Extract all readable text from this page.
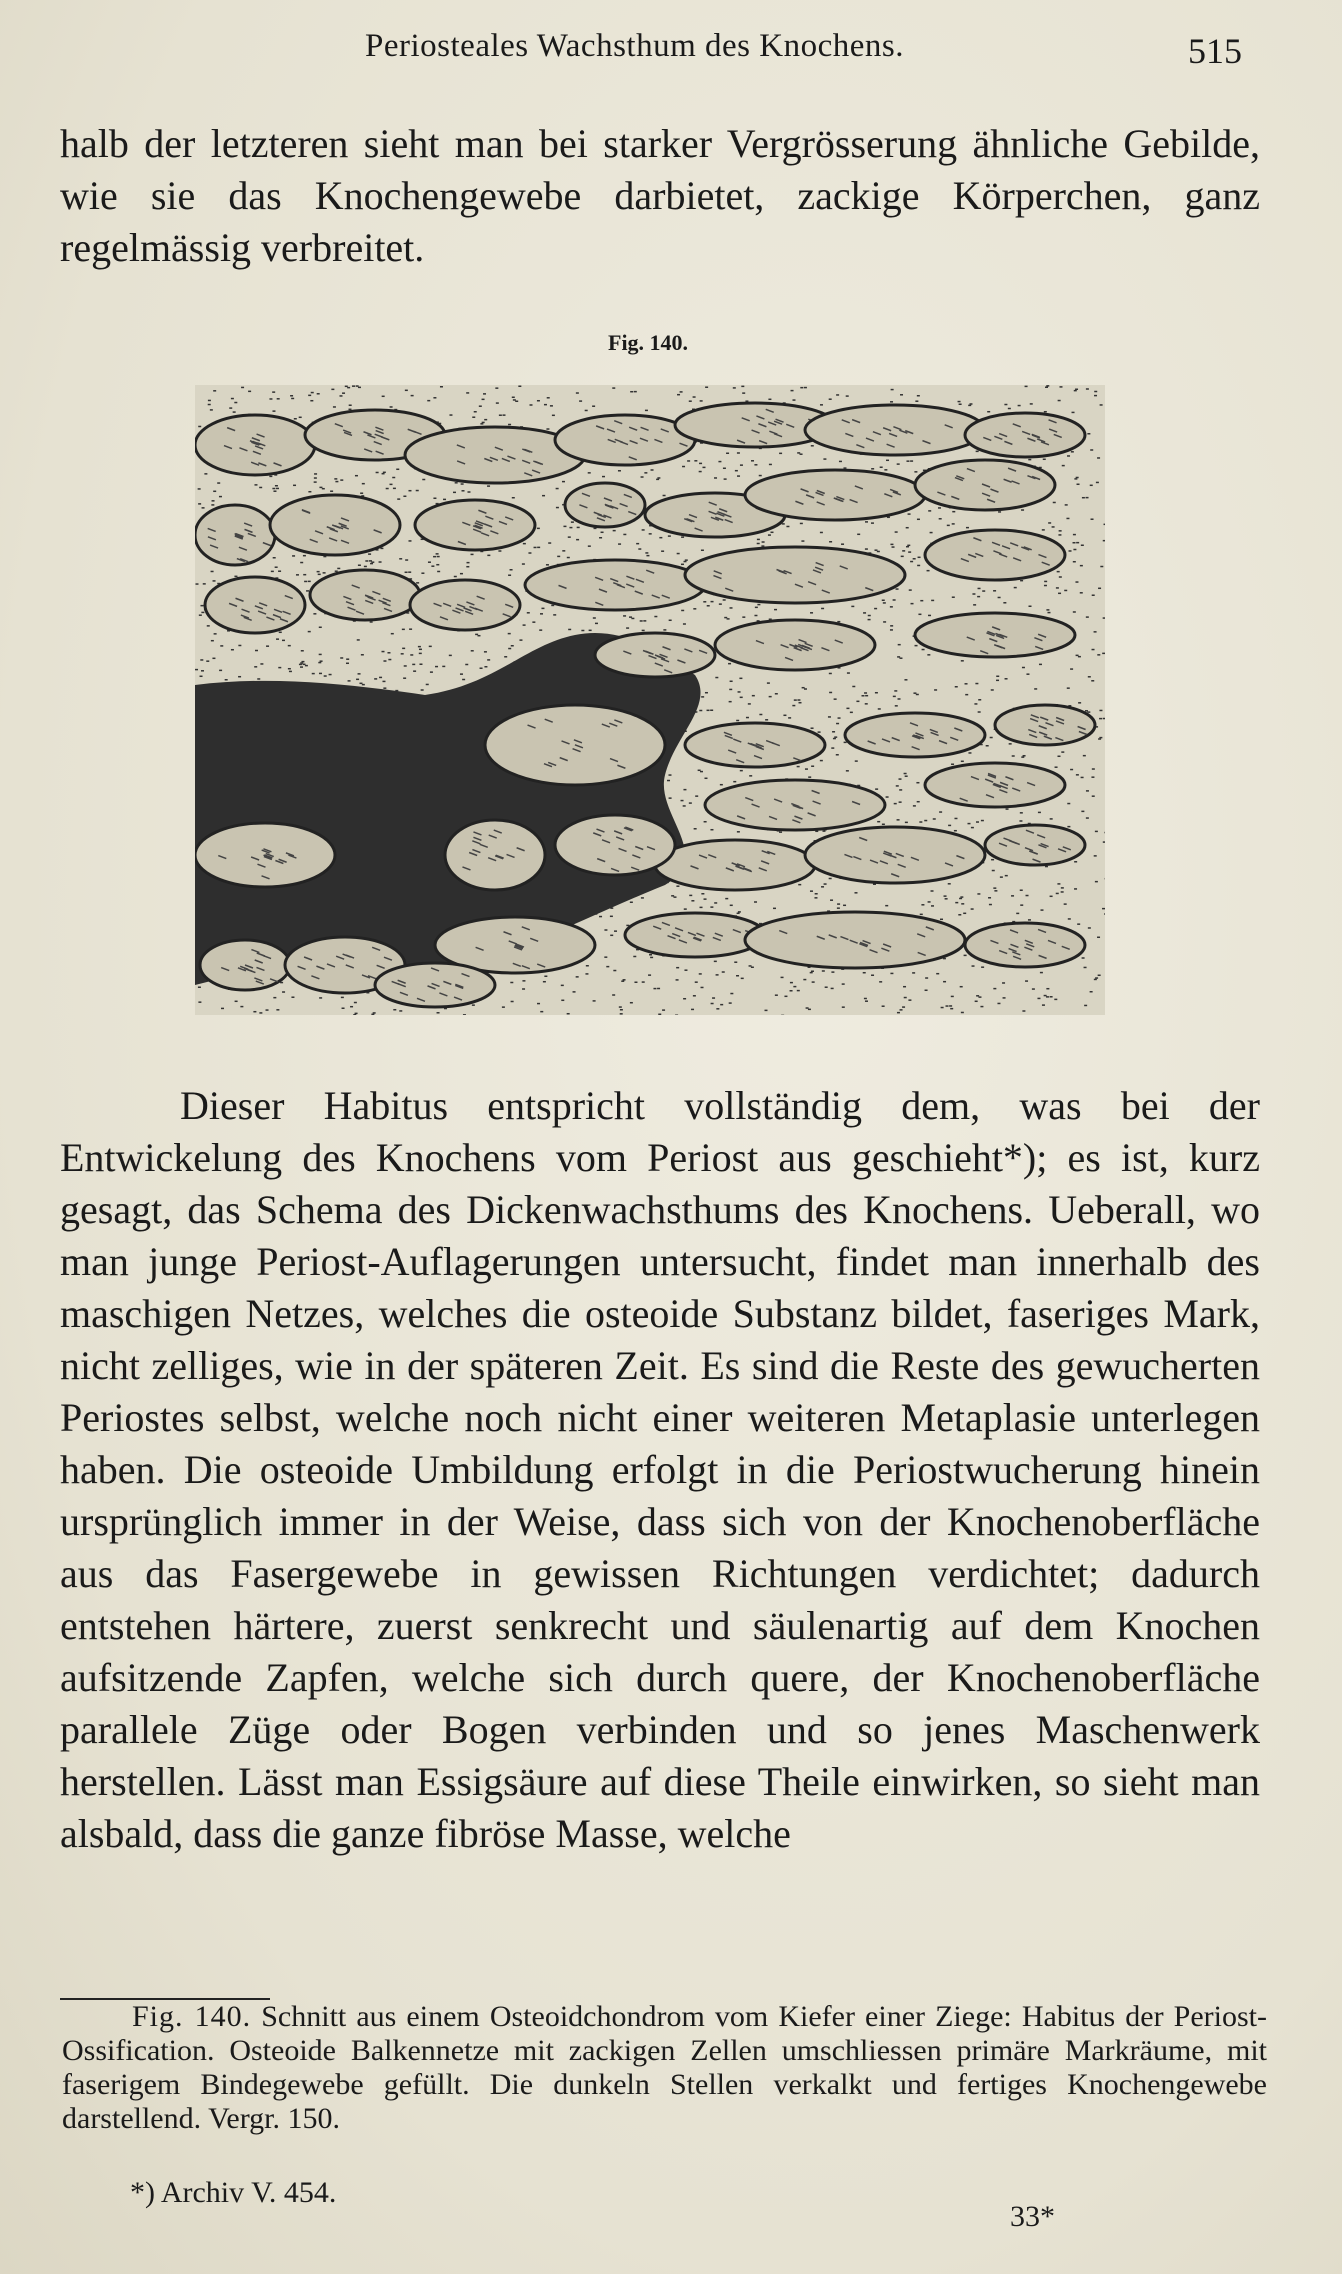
Periosteales Wachsthum des Knochens.	515
halb der letzteren sieht man bei starker Vergrösserung ähnliche Gebilde, wie sie das Knochengewebe darbietet, zackige Körperchen, ganz regelmässig verbreitet.
Fig. 140.
Dieser Habitus entspricht vollständig dem, was bei der Entwickelung des Knochens vom Periost aus geschieht*); es ist, kurz gesagt, das Schema des Dickenwachsthums des Knochens. Ueberall, wo man junge Periost-Auflagerungen untersucht, findet man innerhalb des maschigen Netzes, welches die osteoide Substanz bildet, faseriges Mark, nicht zelliges, wie in der späteren Zeit. Es sind die Reste des gewucherten Periostes selbst, welche noch nicht einer weiteren Metaplasie unterlegen haben. Die osteoide Umbildung erfolgt in die Periostwucherung hinein ursprünglich immer in der Weise, dass sich von der Knochenoberfläche aus das Fasergewebe in gewissen Richtungen verdichtet; dadurch entstehen härtere, zuerst senkrecht und säulenartig auf dem Knochen aufsitzende Zapfen, welche sich durch quere, der Knochenoberfläche parallele Züge oder Bogen verbinden und so jenes Maschenwerk herstellen. Lässt man Essigsäure auf diese Theile einwirken, so sieht man alsbald, dass die ganze fibröse Masse, welche
Fig. 140. Schnitt aus einem Osteoidchondrom vom Kiefer einer Ziege: Habitus der Periost-Ossification. Osteoide Balkennetze mit zackigen Zellen umschliessen primäre Markräume, mit faserigem Bindegewebe gefüllt. Die dunkeln Stellen verkalkt und fertiges Knochengewebe darstellend. Vergr. 150.
*) Archiv V. 454.
33*
